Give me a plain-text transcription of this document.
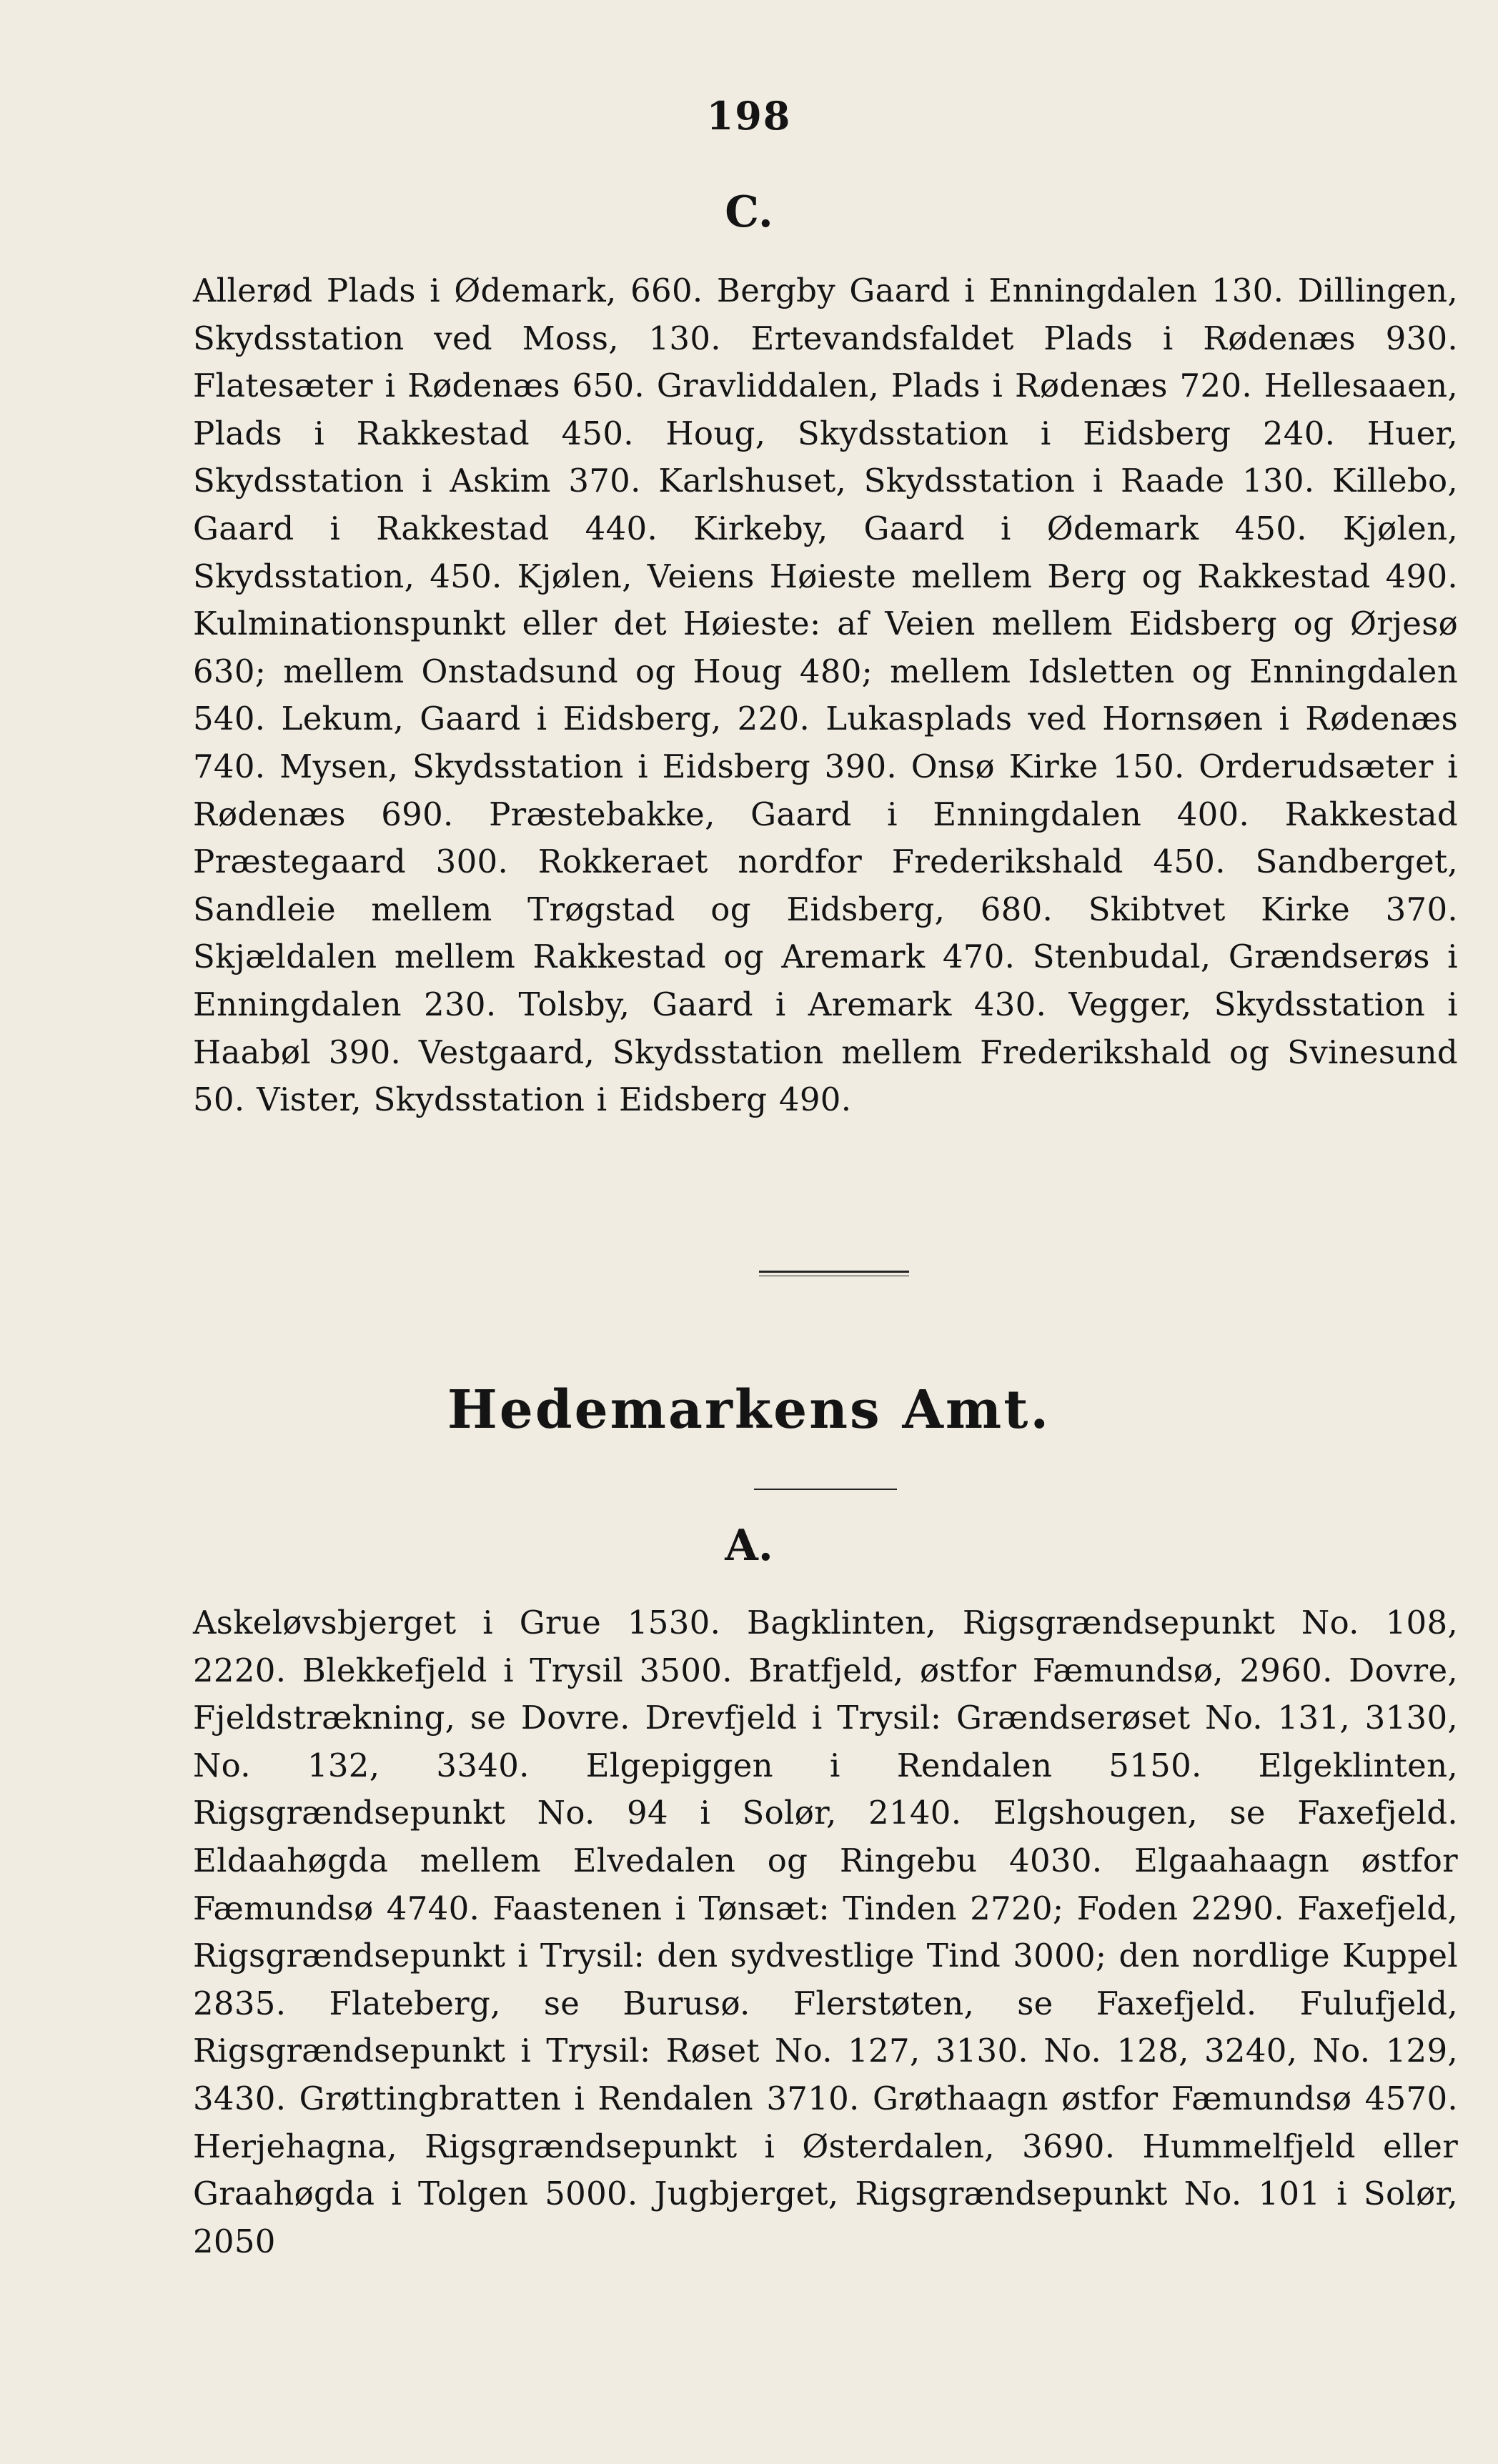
198
C.

Allerød Plads i Ødemark, 660. Bergby Gaard i Enningdalen 130. Dillingen, Skydsstation ved Moss, 130. Ertevandsfaldet Plads i Rødenæs 930. Flatesæter i Rødenæs 650. Gravliddalen, Plads i Rødenæs 720. Hellesaaen, Plads i Rakkestad 450. Houg, Skydsstation i Eidsberg 240. Huer, Skydsstation i Askim 370. Karlshuset, Skydsstation i Raade 130. Killebo, Gaard i Rakkestad 440. Kirkeby, Gaard i Ødemark 450. Kjølen, Skydsstation, 450. Kjølen, Veiens Høieste mellem Berg og Rakkestad 490. Kulminationspunkt eller det Høieste: af Veien mellem Eidsberg og Ørjesø 630; mellem Onstadsund og Houg 480; mellem Idsletten og Enningdalen 540. Lekum, Gaard i Eidsberg, 220. Lukasplads ved Hornsøen i Rødenæs 740. Mysen, Skydsstation i Eidsberg 390. Onsø Kirke 150. Orderudsæter i Rødenæs 690. Præstebakke, Gaard i Enningdalen 400. Rakkestad Præstegaard 300. Rokkeraet nordfor Frederikshald 450. Sandberget, Sandleie mellem Trøgstad og Eidsberg, 680. Skibtvet Kirke 370. Skjældalen mellem Rakkestad og Aremark 470. Stenbudal, Grændserøs i Enningdalen 230. Tolsby, Gaard i Aremark 430. Vegger, Skydsstation i Haabøl 390. Vestgaard, Skydsstation mellem Frederikshald og Svinesund 50. Vister, Skydsstation i Eidsberg 490.

Hedemarkens Amt.
A.

Askeløvsbjerget i Grue 1530. Bagklinten, Rigsgrændsepunkt No. 108, 2220. Blekkefjeld i Trysil 3500. Bratfjeld, østfor Fæmundsø, 2960. Dovre, Fjeldstrækning, se Dovre. Drevfjeld i Trysil: Grændserøset No. 131, 3130, No. 132, 3340. Elgepiggen i Rendalen 5150. Elgeklinten, Rigsgrændsepunkt No. 94 i Solør, 2140. Elgshougen, se Faxefjeld. Eldaahøgda mellem Elvedalen og Ringebu 4030. Elgaahaagn østfor Fæmundsø 4740. Faastenen i Tønsæt: Tinden 2720; Foden 2290. Faxefjeld, Rigsgrændsepunkt i Trysil: den sydvestlige Tind 3000; den nordlige Kuppel 2835. Flateberg, se Burusø. Flerstøten, se Faxefjeld. Fulufjeld, Rigsgrændsepunkt i Trysil: Røset No. 127, 3130. No. 128, 3240, No. 129, 3430. Grøttingbratten i Rendalen 3710. Grøthaagn østfor Fæmundsø 4570. Herjehagna, Rigsgrændsepunkt i Østerdalen, 3690. Hummelfjeld eller Graahøgda i Tolgen 5000. Jugbjerget, Rigsgrændsepunkt No. 101 i Solør, 2050
